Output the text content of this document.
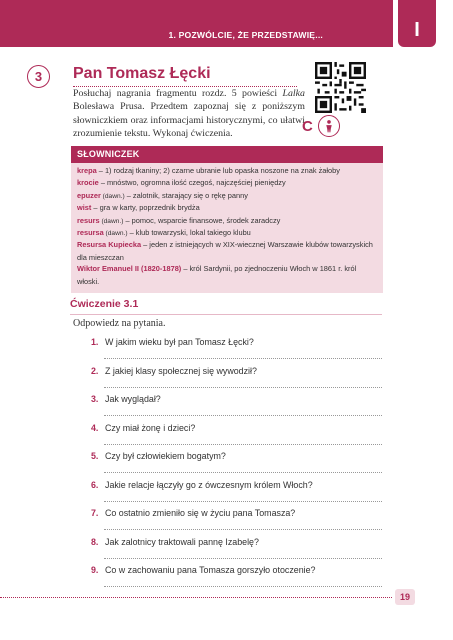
1. POZWÓLCIE, ŻE PRZEDSTAWIĘ...	I
3	Pan Tomasz Łęcki
Posłuchaj nagrania fragmentu rozdz. 5 powieści Lalka Bolesława Prusa. Przedtem zapoznaj się z poniższym słowniczkiem oraz informacjami historycznymi, co ułatwi zrozumienie tekstu. Wykonaj ćwiczenia.	C
SŁOWNICZEK

krepa – 1) rodzaj tkaniny; 2) czarne ubranie lub opaska noszone na znak żałoby

krocie – mnóstwo, ogromna ilość czegoś, najczęściej pieniędzy

epuzer (dawn.) – zalotnik, starający się o rękę panny

wist – gra w karty, poprzednik brydża

resurs (dawn.) – pomoc, wsparcie finansowe, środek zaradczy

resursa (dawn.) – klub towarzyski, lokal takiego klubu

Resursa Kupiecka – jeden z istniejących w XIX-wiecznej Warszawie klubów towarzyskich dla mieszczan

Wiktor Emanuel II (1820-1878) – król Sardynii, po zjednoczeniu Włoch w 1861 r. król włoski.

Ćwiczenie 3.1
Odpowiedz na pytania.
1. W jakim wieku był pan Tomasz Łęcki?
2. Z jakiej klasy społecznej się wywodził?
3. Jak wyglądał?
4. Czy miał żonę i dzieci?
5. Czy był człowiekiem bogatym?
6. Jakie relacje łączyły go z ówczesnym królem Włoch?
7. Co ostatnio zmieniło się w życiu pana Tomasza?
8. Jak zalotnicy traktowali pannę Izabelę?
9. Co w zachowaniu pana Tomasza gorszyło otoczenie?
19
